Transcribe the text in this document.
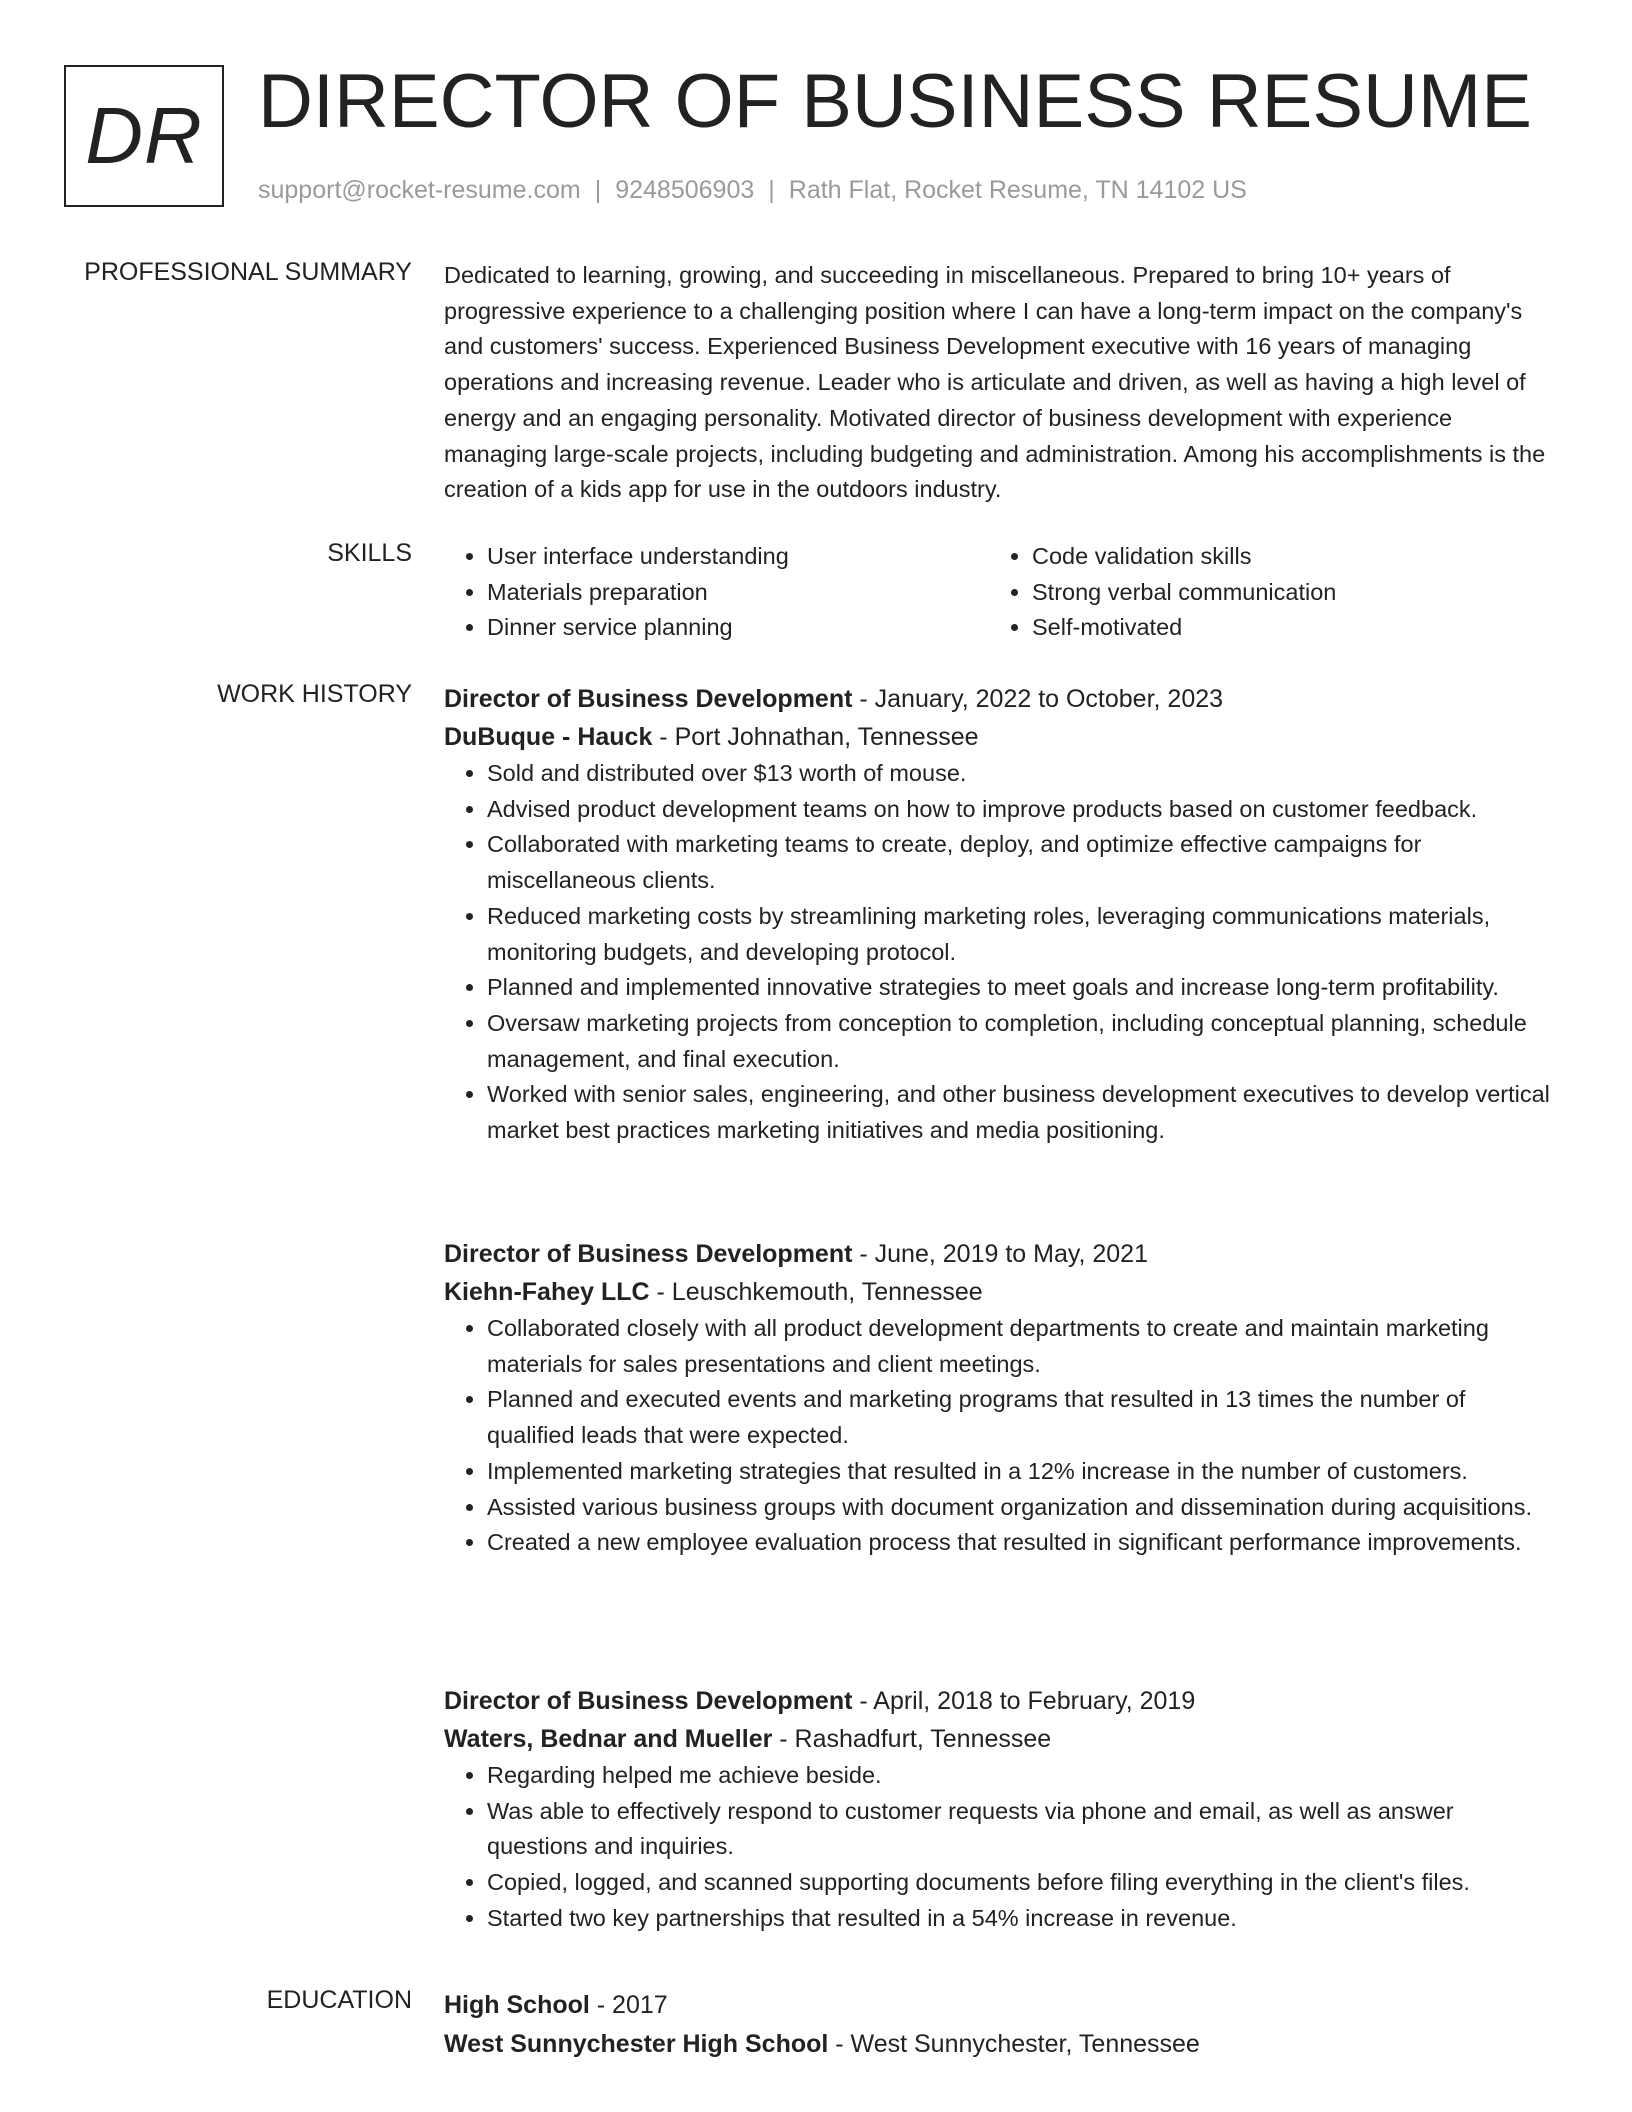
DR DIRECTOR OF BUSINESS RESUME
support@rocket-resume.com | 9248506903 | Rath Flat, Rocket Resume, TN 14102 US
PROFESSIONAL SUMMARY Dedicated to learning, growing, and succeeding in miscellaneous. Prepared to bring 10+ years of progressive experience to a challenging position where I can have a long-term impact on the company's and customers' success. Experienced Business Development executive with 16 years of managing operations and increasing revenue. Leader who is articulate and driven, as well as having a high level of energy and an engaging personality. Motivated director of business development with experience managing large-scale projects, including budgeting and administration. Among his accomplishments is the creation of a kids app for use in the outdoors industry.

SKILLS
•	User interface understanding
• Materials preparation
• Dinner service planning
• Code validation skills
• Strong verbal communication
• Self-motivated
WORK HISTORY Director of Business Development - January, 2022 to October, 2023
DuBuque - Hauck - Port Johnathan, Tennessee
• Sold and distributed over $13 worth of mouse.
• Advised product development teams on how to improve products based on customer feedback.
• Collaborated with marketing teams to create, deploy, and optimize effective campaigns for miscellaneous clients.
• Reduced marketing costs by streamlining marketing roles, leveraging communications materials, monitoring budgets, and developing protocol.
• Planned and implemented innovative strategies to meet goals and increase long-term profitability.
• Oversaw marketing projects from conception to completion, including conceptual planning, schedule management, and final execution.
• Worked with senior sales, engineering, and other business development executives to develop vertical market best practices marketing initiatives and media positioning.
Director of Business Development - June, 2019 to May, 2021
Kiehn-Fahey LLC - Leuschkemouth, Tennessee
• Collaborated closely with all product development departments to create and maintain marketing materials for sales presentations and client meetings.
• Planned and executed events and marketing programs that resulted in 13 times the number of qualified leads that were expected.
• Implemented marketing strategies that resulted in a 12% increase in the number of customers.
• Assisted various business groups with document organization and dissemination during acquisitions.
• Created a new employee evaluation process that resulted in significant performance improvements.
Director of Business Development - April, 2018 to February, 2019
Waters, Bednar and Mueller - Rashadfurt, Tennessee
• Regarding helped me achieve beside.
• Was able to effectively respond to customer requests via phone and email, as well as answer questions and inquiries.
• Copied, logged, and scanned supporting documents before filing everything in the client's files.
• Started two key partnerships that resulted in a 54% increase in revenue.
EDUCATION High School - 2017
West Sunnychester High School - West Sunnychester, Tennessee
